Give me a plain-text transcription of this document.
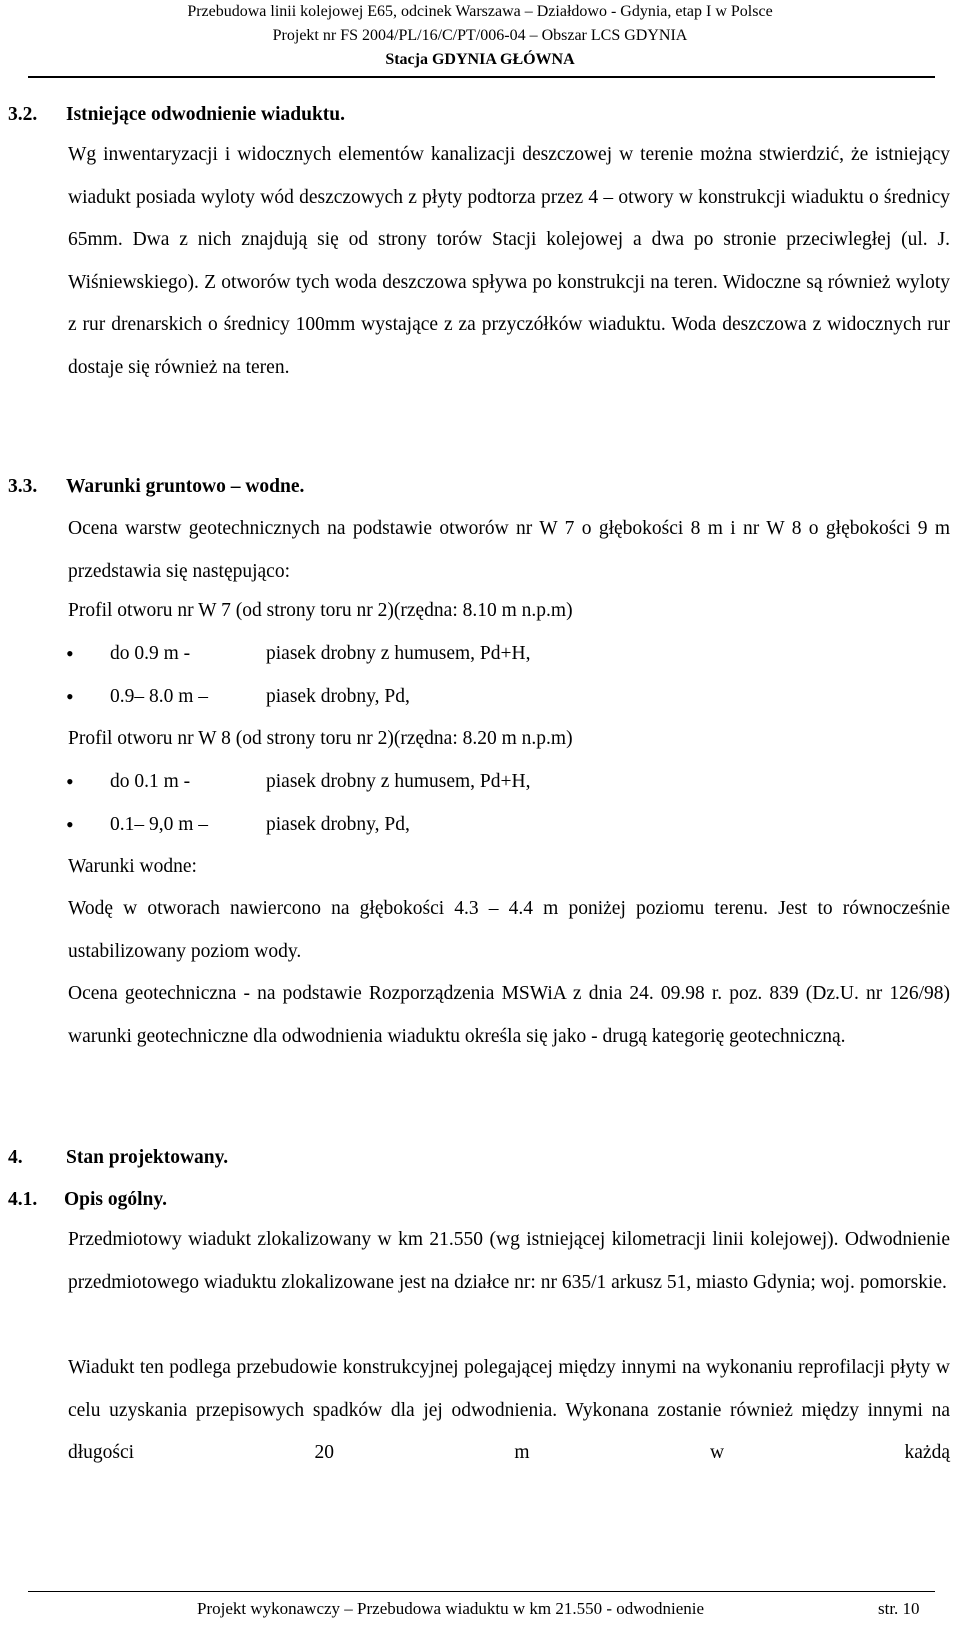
Przebudowa linii kolejowej E65, odcinek Warszawa – Działdowo - Gdynia, etap I w Polsce
Projekt nr FS 2004/PL/16/C/PT/006-04 – Obszar LCS GDYNIA
Stacja GDYNIA GŁÓWNA
3.2. Istniejące odwodnienie wiaduktu.
Wg inwentaryzacji i widocznych elementów kanalizacji deszczowej w terenie można stwierdzić, że istniejący wiadukt posiada wyloty wód deszczowych z płyty podtorza przez 4 – otwory w konstrukcji wiaduktu o średnicy 65mm. Dwa z nich znajdują się od strony torów Stacji kolejowej a dwa po stronie przeciwległej (ul. J. Wiśniewskiego). Z otworów tych woda deszczowa spływa po konstrukcji na teren. Widoczne są również wyloty z rur drenarskich o średnicy 100mm wystające z za przyczółków wiaduktu. Woda deszczowa z widocznych rur dostaje się również na teren.
3.3. Warunki gruntowo – wodne.
Ocena warstw geotechnicznych na podstawie otworów nr W 7 o głębokości 8 m i nr W 8 o głębokości 9 m przedstawia się następująco:
Profil otworu nr W 7 (od strony toru nr 2)(rzędna: 8.10 m n.p.m)
• do 0.9 m -	piasek drobny z humusem, Pd+H,
• 0.9– 8.0 m –	piasek drobny, Pd,
Profil otworu nr W 8 (od strony toru nr 2)(rzędna: 8.20 m n.p.m)
• do 0.1 m -	piasek drobny z humusem, Pd+H,
• 0.1– 9,0 m –	piasek drobny, Pd,
Warunki wodne:
Wodę w otworach nawiercono na głębokości 4.3 – 4.4 m poniżej poziomu terenu. Jest to równocześnie ustabilizowany poziom wody.
Ocena geotechniczna - na podstawie Rozporządzenia MSWiA z dnia 24. 09.98 r. poz. 839 (Dz.U. nr 126/98) warunki geotechniczne dla odwodnienia wiaduktu określa się jako - drugą kategorię geotechniczną.
4. Stan projektowany.
4.1. Opis ogólny.
Przedmiotowy wiadukt zlokalizowany w km 21.550 (wg istniejącej kilometracji linii kolejowej). Odwodnienie przedmiotowego wiaduktu zlokalizowane jest na działce nr: nr 635/1 arkusz 51, miasto Gdynia; woj. pomorskie.
Wiadukt ten podlega przebudowie konstrukcyjnej polegającej między innymi na wykonaniu reprofilacji płyty w celu uzyskania przepisowych spadków dla jej odwodnienia. Wykonana zostanie również między innymi na długości 20 m w każdą
Projekt wykonawczy – Przebudowa wiaduktu w km 21.550 - odwodnienie	str. 10
